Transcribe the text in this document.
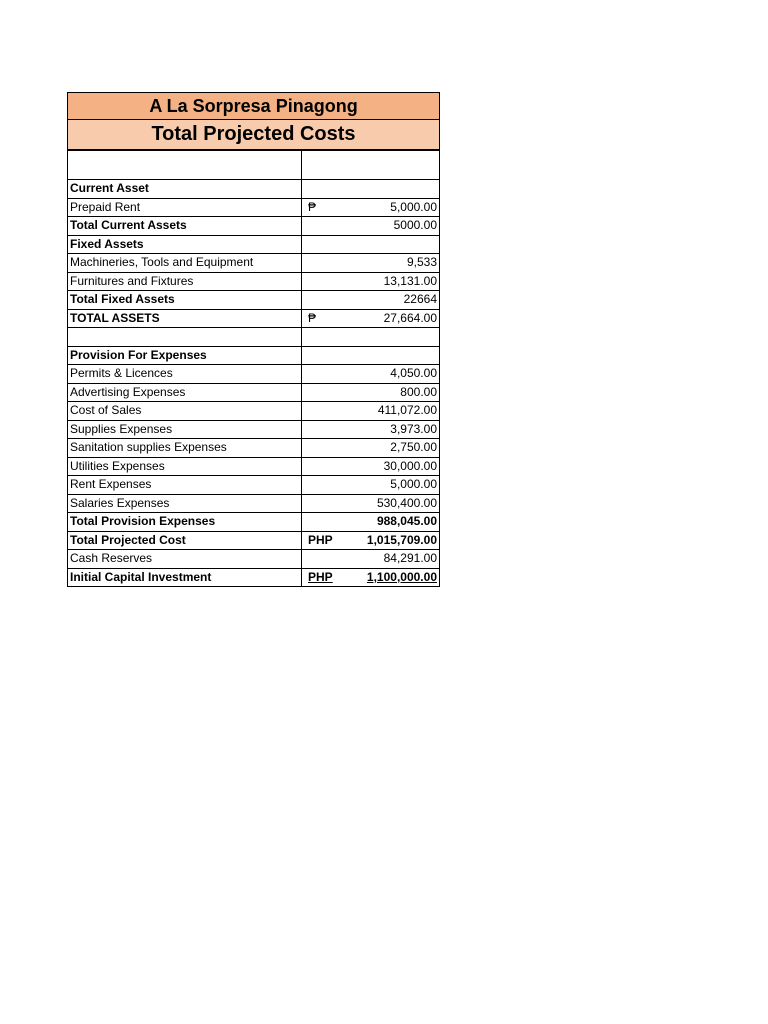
A La Sorpresa Pinagong
Total Projected Costs

Current Asset	

Prepaid Rent	₱ 5,000.00

Total Current Assets	5000.00

Fixed Assets	

Machineries, Tools and Equipment	9,533

Furnitures and Fixtures	13,131.00

Total Fixed Assets	22664

TOTAL ASSETS	₱ 27,664.00

Provision For Expenses	

Permits & Licences	4,050.00

Advertising Expenses	800.00

Cost of Sales	411,072.00

Supplies Expenses	3,973.00

Sanitation supplies Expenses	2,750.00

Utilities Expenses	30,000.00

Rent Expenses	5,000.00

Salaries Expenses	530,400.00

Total Provision Expenses	988,045.00

Total Projected Cost	PHP 1,015,709.00

Cash Reserves	84,291.00

Initial Capital Investment	PHP 1,100,000.00
